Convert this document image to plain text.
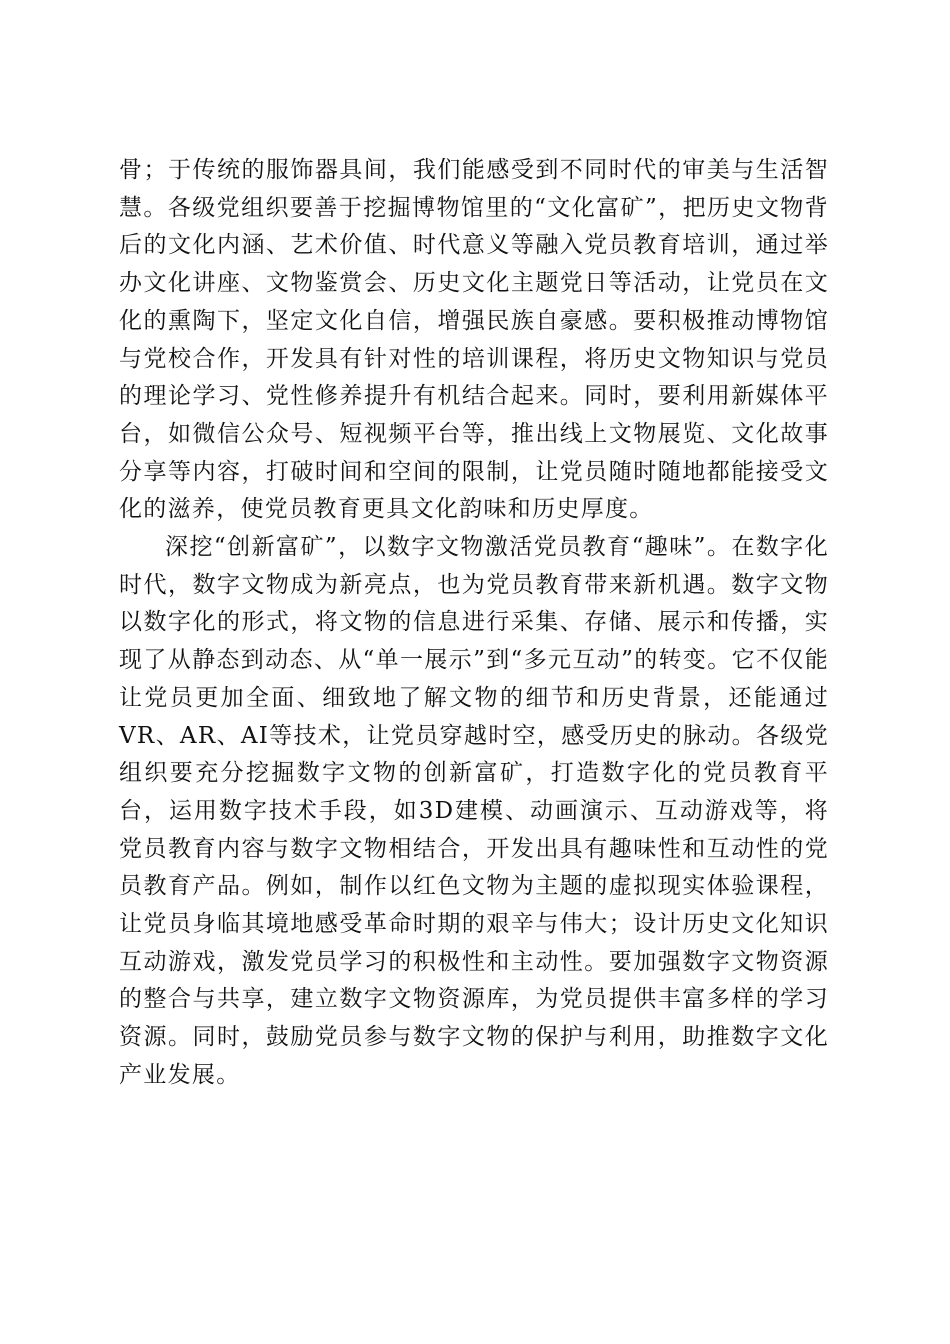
骨；于传统的服饰器具间，我们能感受到不同时代的审美与生活智慧。各级党组织要善于挖掘博物馆里的“文化富矿”，把历史文物背后的文化内涵、艺术价值、时代意义等融入党员教育培训，通过举办文化讲座、文物鉴赏会、历史文化主题党日等活动，让党员在文化的熏陶下，坚定文化自信，增强民族自豪感。要积极推动博物馆与党校合作，开发具有针对性的培训课程，将历史文物知识与党员的理论学习、党性修养提升有机结合起来。同时，要利用新媒体平台，如微信公众号、短视频平台等，推出线上文物展览、文化故事分享等内容，打破时间和空间的限制，让党员随时随地都能接受文化的滋养，使党员教育更具文化韵味和历史厚度。

深挖“创新富矿”，以数字文物激活党员教育“趣味”。在数字化时代，数字文物成为新亮点，也为党员教育带来新机遇。数字文物以数字化的形式，将文物的信息进行采集、存储、展示和传播，实现了从静态到动态、从“单一展示”到“多元互动”的转变。它不仅能让党员更加全面、细致地了解文物的细节和历史背景，还能通过VR、AR、AI等技术，让党员穿越时空，感受历史的脉动。各级党组织要充分挖掘数字文物的创新富矿，打造数字化的党员教育平台，运用数字技术手段，如3D建模、动画演示、互动游戏等，将党员教育内容与数字文物相结合，开发出具有趣味性和互动性的党员教育产品。例如，制作以红色文物为主题的虚拟现实体验课程，让党员身临其境地感受革命时期的艰辛与伟大；设计历史文化知识互动游戏，激发党员学习的积极性和主动性。要加强数字文物资源的整合与共享，建立数字文物资源库，为党员提供丰富多样的学习资源。同时，鼓励党员参与数字文物的保护与利用，助推数字文化产业发展。
